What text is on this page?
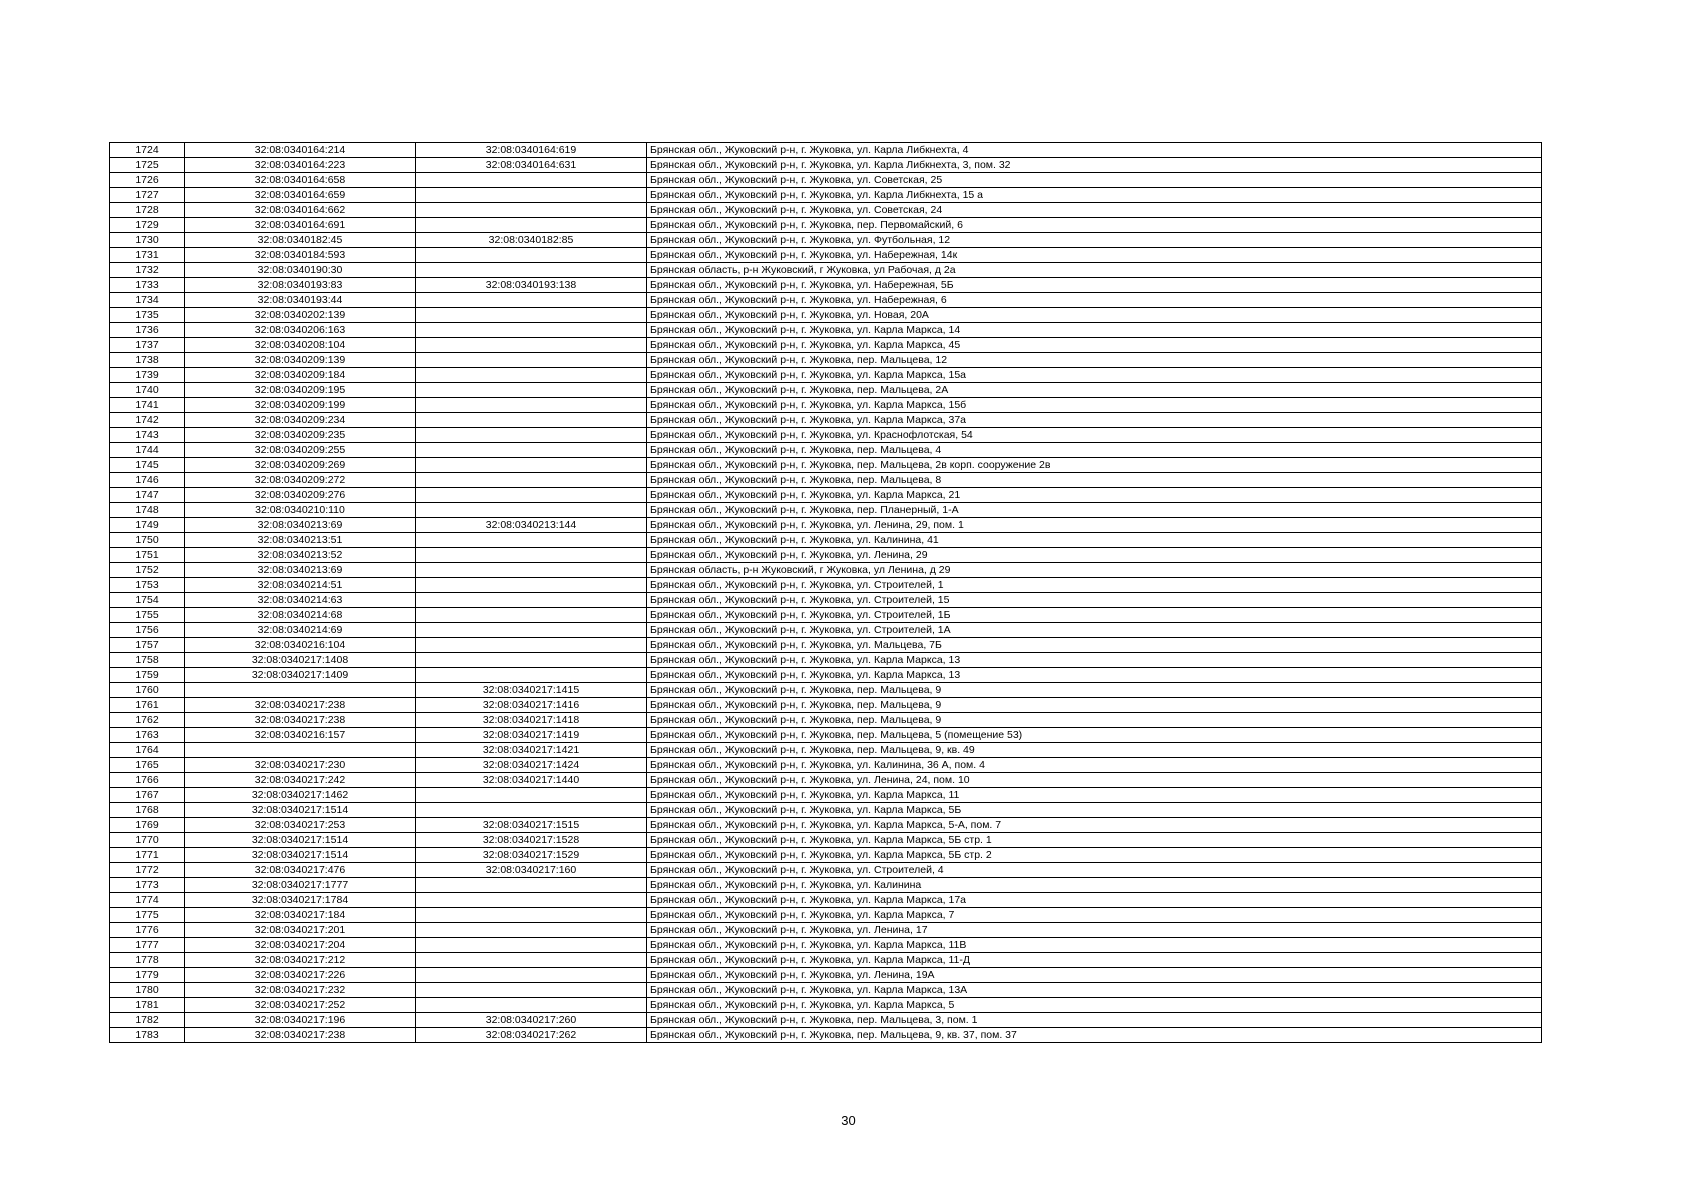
1724	32:08:0340164:214	32:08:0340164:619	Брянская обл., Жуковский р-н, г. Жуковка, ул. Карла Либкнехта, 4
1725	32:08:0340164:223	32:08:0340164:631	Брянская обл., Жуковский р-н, г. Жуковка, ул. Карла Либкнехта, 3, пом. 32
1726	32:08:0340164:658		Брянская обл., Жуковский р-н, г. Жуковка, ул. Советская, 25
1727	32:08:0340164:659		Брянская обл., Жуковский р-н, г. Жуковка, ул. Карла Либкнехта, 15 а
1728	32:08:0340164:662		Брянская обл., Жуковский р-н, г. Жуковка, ул. Советская, 24
1729	32:08:0340164:691		Брянская обл., Жуковский р-н, г. Жуковка, пер. Первомайский, 6
1730	32:08:0340182:45	32:08:0340182:85	Брянская обл., Жуковский р-н, г. Жуковка, ул. Футбольная, 12
1731	32:08:0340184:593		Брянская обл., Жуковский р-н, г. Жуковка, ул. Набережная, 14к
1732	32:08:0340190:30		Брянская область, р-н Жуковский, г Жуковка, ул Рабочая, д 2а
1733	32:08:0340193:83	32:08:0340193:138	Брянская обл., Жуковский р-н, г. Жуковка, ул. Набережная, 5Б
1734	32:08:0340193:44		Брянская обл., Жуковский р-н, г. Жуковка, ул. Набережная, 6
1735	32:08:0340202:139		Брянская обл., Жуковский р-н, г. Жуковка, ул. Новая, 20А
1736	32:08:0340206:163		Брянская обл., Жуковский р-н, г. Жуковка, ул. Карла Маркса, 14
1737	32:08:0340208:104		Брянская обл., Жуковский р-н, г. Жуковка, ул. Карла Маркса, 45
1738	32:08:0340209:139		Брянская обл., Жуковский р-н, г. Жуковка, пер. Мальцева, 12
1739	32:08:0340209:184		Брянская обл., Жуковский р-н, г. Жуковка, ул. Карла Маркса, 15а
1740	32:08:0340209:195		Брянская обл., Жуковский р-н, г. Жуковка, пер. Мальцева, 2А
1741	32:08:0340209:199		Брянская обл., Жуковский р-н, г. Жуковка, ул. Карла Маркса, 15б
1742	32:08:0340209:234		Брянская обл., Жуковский р-н, г. Жуковка, ул. Карла Маркса, 37а
1743	32:08:0340209:235		Брянская обл., Жуковский р-н, г. Жуковка, ул. Краснофлотская, 54
1744	32:08:0340209:255		Брянская обл., Жуковский р-н, г. Жуковка, пер. Мальцева, 4
1745	32:08:0340209:269		Брянская обл., Жуковский р-н, г. Жуковка, пер. Мальцева, 2в корп. сооружение 2в
1746	32:08:0340209:272		Брянская обл., Жуковский р-н, г. Жуковка, пер. Мальцева, 8
1747	32:08:0340209:276		Брянская обл., Жуковский р-н, г. Жуковка, ул. Карла Маркса, 21
1748	32:08:0340210:110		Брянская обл., Жуковский р-н, г. Жуковка, пер. Планерный, 1-А
1749	32:08:0340213:69	32:08:0340213:144	Брянская обл., Жуковский р-н, г. Жуковка, ул. Ленина, 29, пом. 1
1750	32:08:0340213:51		Брянская обл., Жуковский р-н, г. Жуковка, ул. Калинина, 41
1751	32:08:0340213:52		Брянская обл., Жуковский р-н, г. Жуковка, ул. Ленина, 29
1752	32:08:0340213:69		Брянская область, р-н Жуковский, г Жуковка, ул Ленина, д 29
1753	32:08:0340214:51		Брянская обл., Жуковский р-н, г. Жуковка, ул. Строителей, 1
1754	32:08:0340214:63		Брянская обл., Жуковский р-н, г. Жуковка, ул. Строителей, 15
1755	32:08:0340214:68		Брянская обл., Жуковский р-н, г. Жуковка, ул. Строителей, 1Б
1756	32:08:0340214:69		Брянская обл., Жуковский р-н, г. Жуковка, ул. Строителей, 1А
1757	32:08:0340216:104		Брянская обл., Жуковский р-н, г. Жуковка, ул. Мальцева, 7Б
1758	32:08:0340217:1408		Брянская обл., Жуковский р-н, г. Жуковка, ул. Карла Маркса, 13
1759	32:08:0340217:1409		Брянская обл., Жуковский р-н, г. Жуковка, ул. Карла Маркса, 13
1760		32:08:0340217:1415	Брянская обл., Жуковский р-н, г. Жуковка, пер. Мальцева, 9
1761	32:08:0340217:238	32:08:0340217:1416	Брянская обл., Жуковский р-н, г. Жуковка, пер. Мальцева, 9
1762	32:08:0340217:238	32:08:0340217:1418	Брянская обл., Жуковский р-н, г. Жуковка, пер. Мальцева, 9
1763	32:08:0340216:157	32:08:0340217:1419	Брянская обл., Жуковский р-н, г. Жуковка, пер. Мальцева, 5 (помещение 53)
1764		32:08:0340217:1421	Брянская обл., Жуковский р-н, г. Жуковка, пер. Мальцева, 9, кв. 49
1765	32:08:0340217:230	32:08:0340217:1424	Брянская обл., Жуковский р-н, г. Жуковка, ул. Калинина, 36 А, пом. 4
1766	32:08:0340217:242	32:08:0340217:1440	Брянская обл., Жуковский р-н, г. Жуковка, ул. Ленина, 24, пом. 10
1767	32:08:0340217:1462		Брянская обл., Жуковский р-н, г. Жуковка, ул. Карла Маркса, 11
1768	32:08:0340217:1514		Брянская обл., Жуковский р-н, г. Жуковка, ул. Карла Маркса, 5Б
1769	32:08:0340217:253	32:08:0340217:1515	Брянская обл., Жуковский р-н, г. Жуковка, ул. Карла Маркса, 5-А, пом. 7
1770	32:08:0340217:1514	32:08:0340217:1528	Брянская обл., Жуковский р-н, г. Жуковка, ул. Карла Маркса, 5Б стр. 1
1771	32:08:0340217:1514	32:08:0340217:1529	Брянская обл., Жуковский р-н, г. Жуковка, ул. Карла Маркса, 5Б стр. 2
1772	32:08:0340217:476	32:08:0340217:160	Брянская обл., Жуковский р-н, г. Жуковка, ул. Строителей, 4
1773	32:08:0340217:1777		Брянская обл., Жуковский р-н, г. Жуковка, ул. Калинина
1774	32:08:0340217:1784		Брянская обл., Жуковский р-н, г. Жуковка, ул. Карла Маркса, 17а
1775	32:08:0340217:184		Брянская обл., Жуковский р-н, г. Жуковка, ул. Карла Маркса, 7
1776	32:08:0340217:201		Брянская обл., Жуковский р-н, г. Жуковка, ул. Ленина, 17
1777	32:08:0340217:204		Брянская обл., Жуковский р-н, г. Жуковка, ул. Карла Маркса, 11В
1778	32:08:0340217:212		Брянская обл., Жуковский р-н, г. Жуковка, ул. Карла Маркса, 11-Д
1779	32:08:0340217:226		Брянская обл., Жуковский р-н, г. Жуковка, ул. Ленина, 19А
1780	32:08:0340217:232		Брянская обл., Жуковский р-н, г. Жуковка, ул. Карла Маркса, 13А
1781	32:08:0340217:252		Брянская обл., Жуковский р-н, г. Жуковка, ул. Карла Маркса, 5
1782	32:08:0340217:196	32:08:0340217:260	Брянская обл., Жуковский р-н, г. Жуковка, пер. Мальцева, 3, пом. 1
1783	32:08:0340217:238	32:08:0340217:262	Брянская обл., Жуковский р-н, г. Жуковка, пер. Мальцева, 9, кв. 37, пом. 37
30
